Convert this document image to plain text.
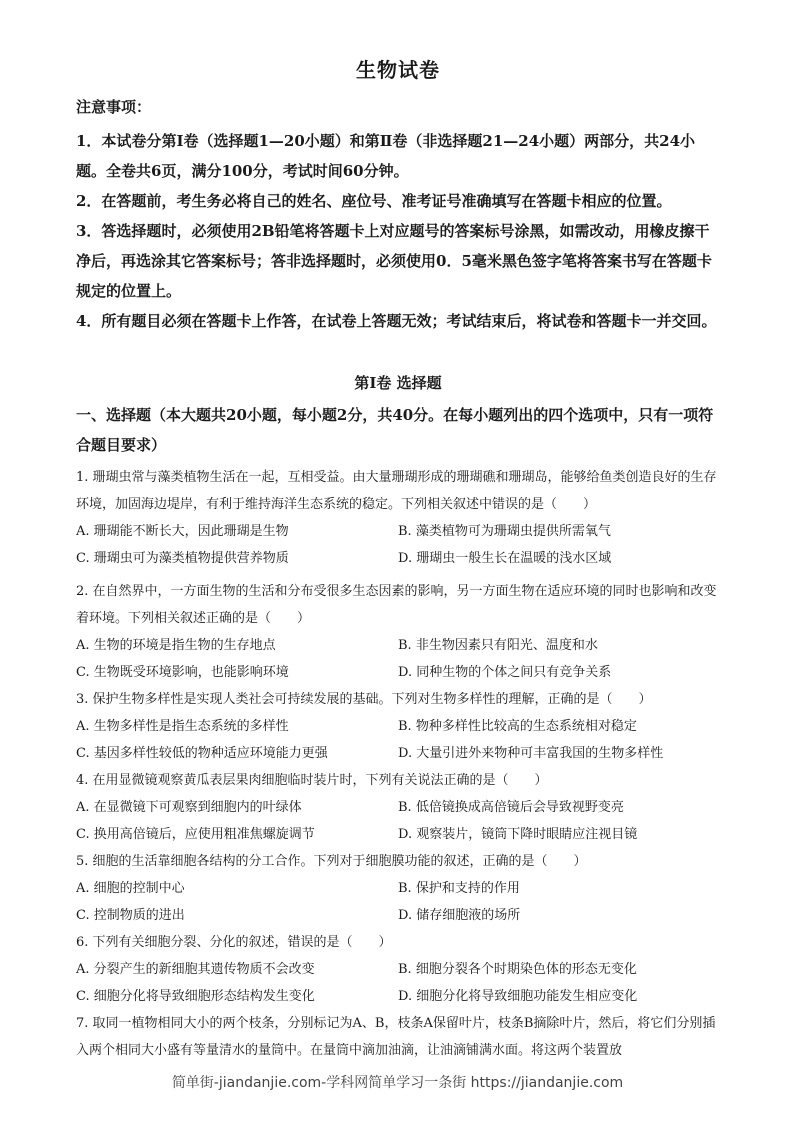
生物试卷
注意事项：
1．本试卷分第Ⅰ卷（选择题1—20小题）和第Ⅱ卷（非选择题21—24小题）两部分，共24小题。全卷共6页，满分100分，考试时间60分钟。
2．在答题前，考生务必将自己的姓名、座位号、准考证号准确填写在答题卡相应的位置。
3．答选择题时，必须使用2B铅笔将答题卡上对应题号的答案标号涂黑，如需改动，用橡皮擦干净后，再选涂其它答案标号；答非选择题时，必须使用0．5毫米黑色签字笔将答案书写在答题卡规定的位置上。
4．所有题目必须在答题卡上作答，在试卷上答题无效；考试结束后，将试卷和答题卡一并交回。
第Ⅰ卷 选择题
一、选择题（本大题共20小题，每小题2分，共40分。在每小题列出的四个选项中，只有一项符合题目要求）
1. 珊瑚虫常与藻类植物生活在一起，互相受益。由大量珊瑚形成的珊瑚礁和珊瑚岛，能够给鱼类创造良好的生存环境，加固海边堤岸，有利于维持海洋生态系统的稳定。下列相关叙述中错误的是（　　）
A. 珊瑚能不断长大，因此珊瑚是生物	B. 藻类植物可为珊瑚虫提供所需氧气
C. 珊瑚虫可为藻类植物提供营养物质	D. 珊瑚虫一般生长在温暖的浅水区域
2. 在自然界中，一方面生物的生活和分布受很多生态因素的影响，另一方面生物在适应环境的同时也影响和改变着环境。下列相关叙述正确的是（　　）
A. 生物的环境是指生物的生存地点	B. 非生物因素只有阳光、温度和水
C. 生物既受环境影响，也能影响环境	D. 同种生物的个体之间只有竞争关系
3. 保护生物多样性是实现人类社会可持续发展的基础。下列对生物多样性的理解，正确的是（　　）
A. 生物多样性是指生态系统的多样性	B. 物种多样性比较高的生态系统相对稳定
C. 基因多样性较低的物种适应环境能力更强	D. 大量引进外来物种可丰富我国的生物多样性
4. 在用显微镜观察黄瓜表层果肉细胞临时装片时，下列有关说法正确的是（　　）
A. 在显微镜下可观察到细胞内的叶绿体	B. 低倍镜换成高倍镜后会导致视野变亮
C. 换用高倍镜后，应使用粗准焦螺旋调节	D. 观察装片，镜筒下降时眼睛应注视目镜
5. 细胞的生活靠细胞各结构的分工合作。下列对于细胞膜功能的叙述，正确的是（　　）
A. 细胞的控制中心	B. 保护和支持的作用
C. 控制物质的进出	D. 储存细胞液的场所
6. 下列有关细胞分裂、分化的叙述，错误的是（　　）
A. 分裂产生的新细胞其遗传物质不会改变	B. 细胞分裂各个时期染色体的形态无变化
C. 细胞分化将导致细胞形态结构发生变化	D. 细胞分化将导致细胞功能发生相应变化
7. 取同一植物相同大小的两个枝条，分别标记为A、B，枝条A保留叶片，枝条B摘除叶片，然后，将它们分别插入两个相同大小盛有等量清水的量筒中。在量筒中滴加油滴，让油滴铺满水面。将这两个装置放
简单街-jiandanjie.com-学科网简单学习一条街 https://jiandanjie.com
